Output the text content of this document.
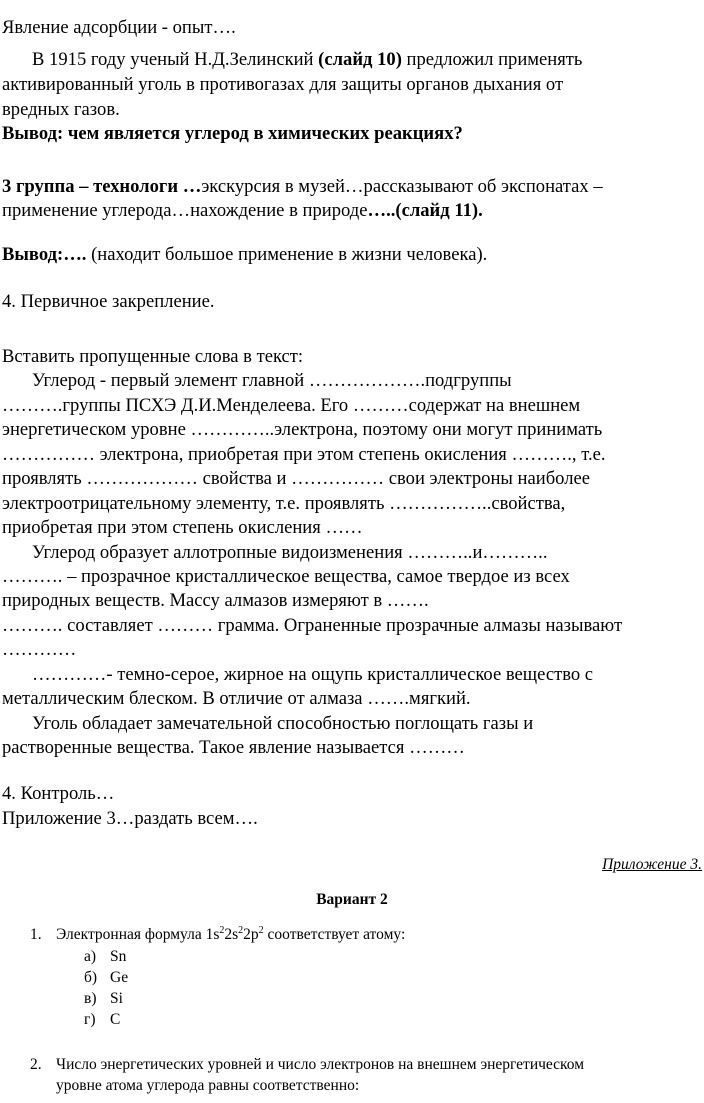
Явление адсорбции - опыт….
В 1915 году ученый Н.Д.Зелинский (слайд 10) предложил применять
активированный уголь в противогазах для защиты органов дыхания от
вредных газов.
Вывод: чем является углерод в химических реакциях?
3 группа – технологи …экскурсия в музей…рассказывают об экспонатах –
применение углерода…нахождение в природе…..(слайд 11).
Вывод:…. (находит большое применение в жизни человека).
4. Первичное закрепление.
Вставить пропущенные слова в текст:
Углерод - первый элемент главной ……………….подгруппы
……….группы ПСХЭ Д.И.Менделеева. Его ………содержат на внешнем
энергетическом уровне …………..электрона, поэтому они могут принимать
…………… электрона, приобретая при этом степень окисления ………., т.е.
проявлять ……………… свойства и …………… свои электроны наиболее
электроотрицательному элементу, т.е. проявлять ……………..свойства,
приобретая при этом степень окисления ……
Углерод образует аллотропные видоизменения ………..и………..
………. – прозрачное кристаллическое вещества, самое твердое из всех
природных веществ. Массу алмазов измеряют в …….
………. составляет ……… грамма. Ограненные прозрачные алмазы называют
…………
…………- темно-серое, жирное на ощупь кристаллическое вещество с
металлическим блеском. В отличие от алмаза …….мягкий.
Уголь обладает замечательной способностью поглощать газы и
растворенные вещества. Такое явление называется ………
4. Контроль…
Приложение 3…раздать всем….
Приложение 3.
Вариант 2
1. Электронная формула $1s^22s^22p^2$ соответствует атому:
а) Sn
б) Ge
в) Si
г) C
2. Число энергетических уровней и число электронов на внешнем энергетическом
уровне атома углерода равны соответственно:
